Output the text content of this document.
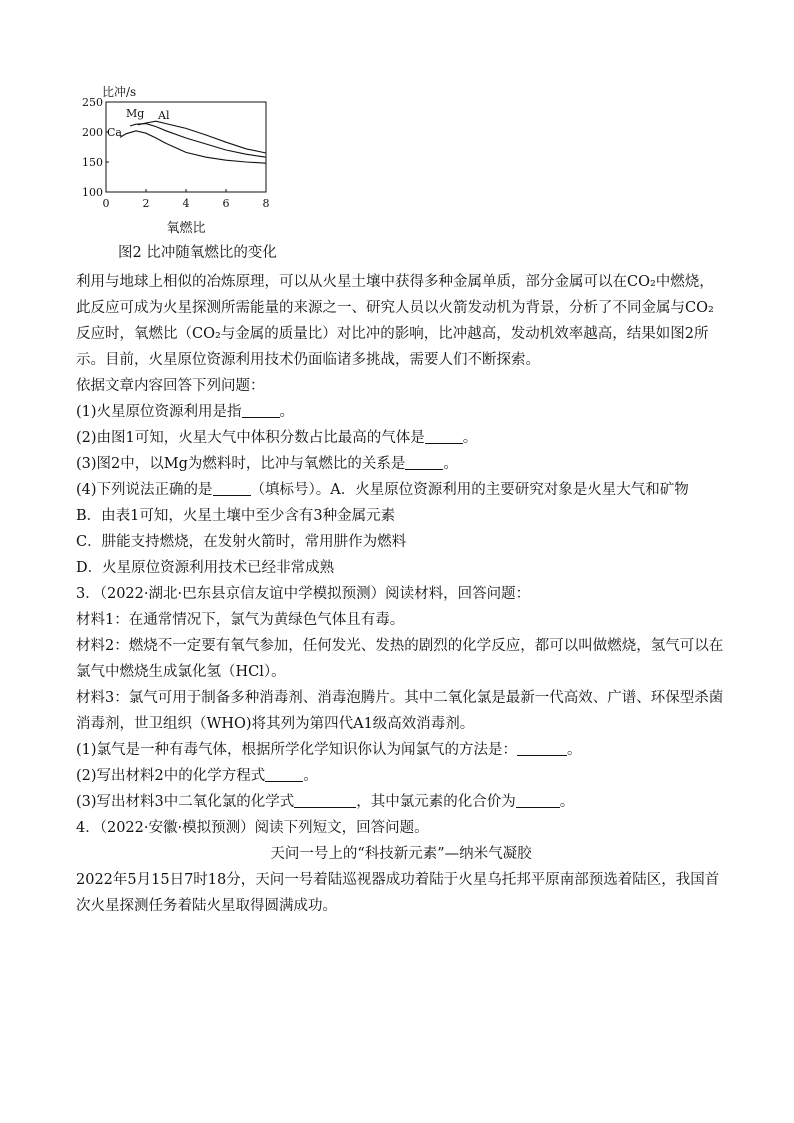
100
150
200
250
0	2	4	6	8
比冲/s
氧燃比
Ca
Mg Al
图2 比冲随氧燃比的变化

利用与地球上相似的冶炼原理，可以从火星土壤中获得多种金属单质，部分金属可以在CO₂中燃烧，此反应可成为火星探测所需能量的来源之一、研究人员以火箭发动机为背景，分析了不同金属与CO₂反应时，氧燃比（CO₂与金属的质量比）对比冲的影响，比冲越高，发动机效率越高，结果如图2所示。目前，火星原位资源利用技术仍面临诸多挑战，需要人们不断探索。

依据文章内容回答下列问题：

(1)火星原位资源利用是指	。

(2)由图1可知，火星大气中体积分数占比最高的气体是	。

(3)图2中，以Mg为燃料时，比冲与氧燃比的关系是	。

(4)下列说法正确的是	（填标号）。A．火星原位资源利用的主要研究对象是火星大气和矿物

B．由表1可知，火星土壤中至少含有3种金属元素

C．肼能支持燃烧，在发射火箭时，常用肼作为燃料

D．火星原位资源利用技术已经非常成熟

3．（2022·湖北·巴东县京信友谊中学模拟预测）阅读材料，回答问题：

材料1：在通常情况下，氯气为黄绿色气体且有毒。

材料2：燃烧不一定要有氧气参加，任何发光、发热的剧烈的化学反应，都可以叫做燃烧，氢气可以在氯气中燃烧生成氯化氢（HCl）。

材料3：氯气可用于制备多种消毒剂、消毒泡腾片。其中二氧化氯是最新一代高效、广谱、环保型杀菌消毒剂，世卫组织（WHO)将其列为第四代A1级高效消毒剂。

(1)氯气是一种有毒气体，根据所学化学知识你认为闻氯气的方法是：	。

(2)写出材料2中的化学方程式	。

(3)写出材料3中二氧化氯的化学式	，其中氯元素的化合价为	。

4．（2022·安徽·模拟预测）阅读下列短文，回答问题。

天问一号上的“科技新元素”—纳米气凝胶

2022年5月15日7时18分，天问一号着陆巡视器成功着陆于火星乌托邦平原南部预选着陆区，我国首次火星探测任务着陆火星取得圆满成功。
